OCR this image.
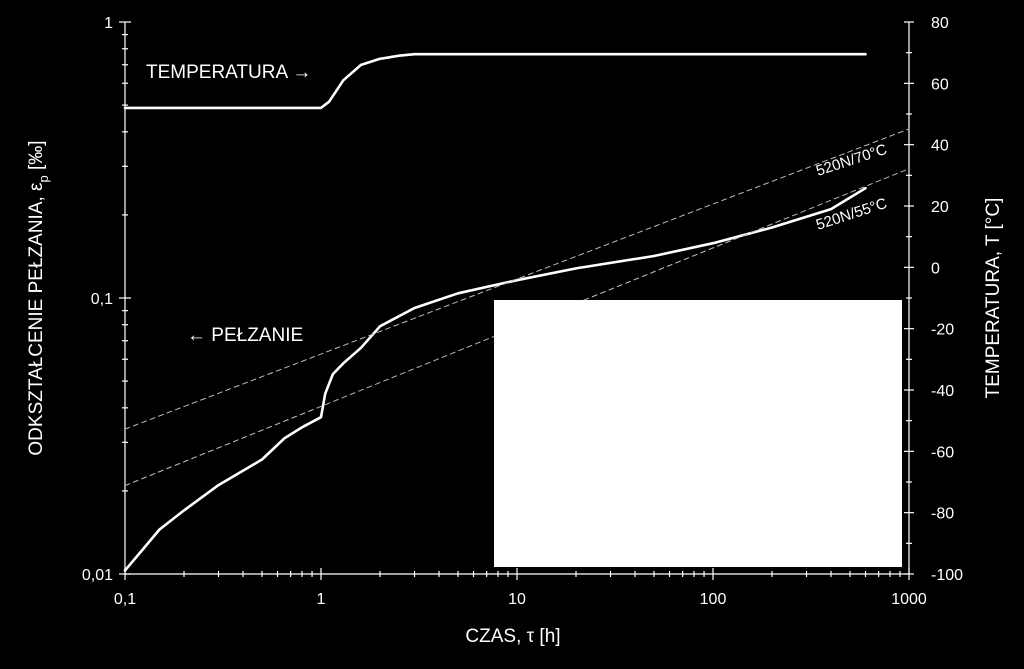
0,1	1	10	100	1000
0,01
0,1
1	80
60
40
20
0
-20
-40
-60
-80
-100
CZAS, τ [h]
ODKSZTAŁCENIE PEŁZANIA, $\varepsilon_p$ [‰]
TEMPERATURA, T [°C]
TEMPERATURA →
← PEŁZANIE
520N/70°C
520N/55°C
